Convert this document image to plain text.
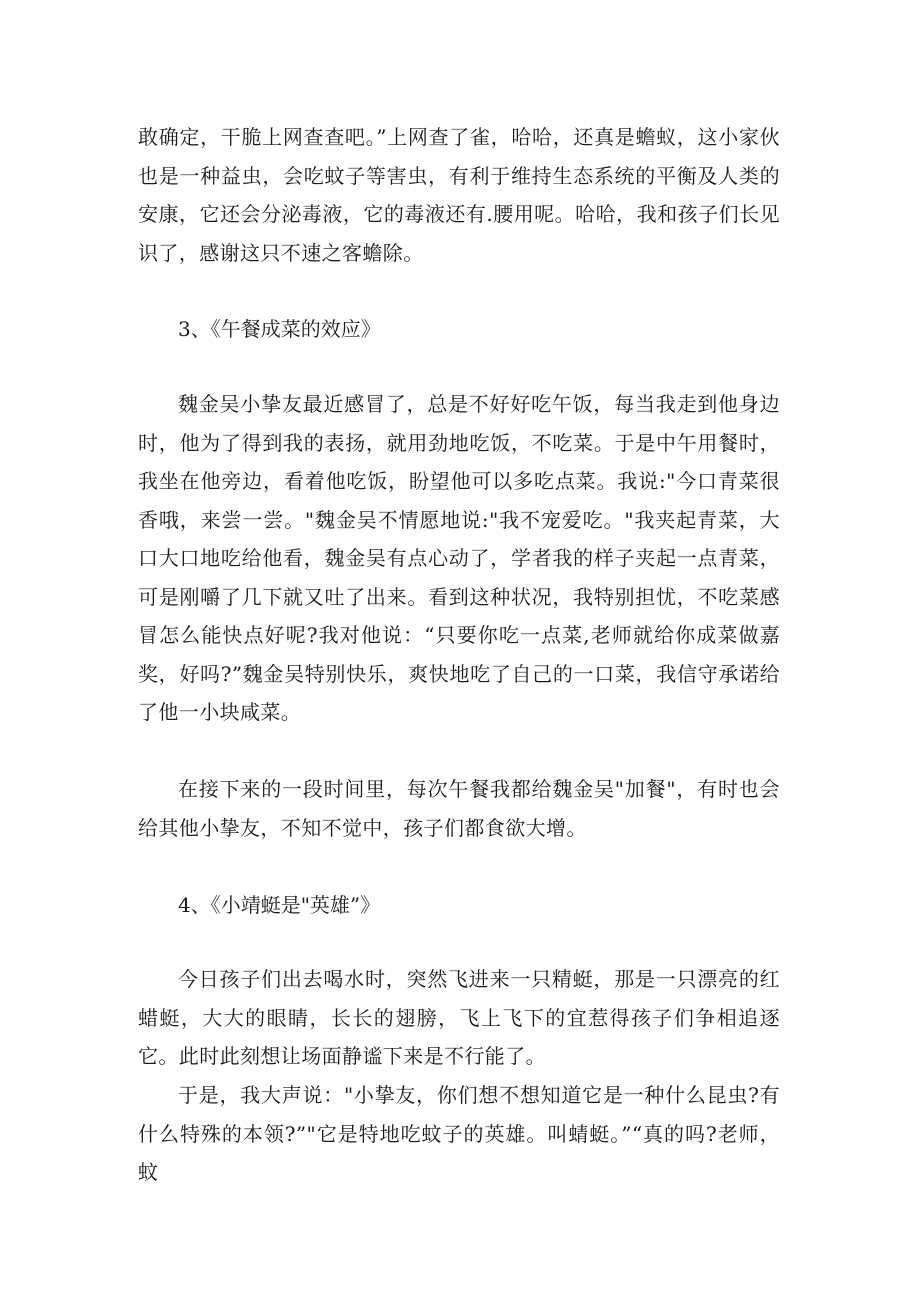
敢确定，干脆上网查查吧。”上网查了雀，哈哈，还真是蟾蚁，这小家伙也是一种益虫，会吃蚊子等害虫，有利于维持生态系统的平衡及人类的安康，它还会分泌毒液，它的毒液还有.腰用呢。哈哈，我和孩子们长见识了，感谢这只不速之客蟾除。

3、《午餐成菜的效应》

魏金吴小挚友最近感冒了，总是不好好吃午饭，每当我走到他身边时，他为了得到我的表扬，就用劲地吃饭，不吃菜。于是中午用餐时，我坐在他旁边，看着他吃饭，盼望他可以多吃点菜。我说:"今口青菜很香哦，来尝一尝。"魏金吴不情愿地说:"我不宠爱吃。"我夹起青菜，大口大口地吃给他看，魏金吴有点心动了，学者我的样子夹起一点青菜，可是刚嚼了几下就又吐了出来。看到这种状况，我特别担忧，不吃菜感冒怎么能快点好呢?我对他说：“只要你吃一点菜,老师就给你成菜做嘉奖，好吗?”魏金吴特别快乐，爽快地吃了自己的一口菜，我信守承诺给了他一小块咸菜。

在接下来的一段时间里，每次午餐我都给魏金吴"加餐"，有时也会给其他小挚友，不知不觉中，孩子们都食欲大增。

4、《小靖蜓是"英雄”》

今日孩子们出去喝水时，突然飞进来一只精蜓，那是一只漂亮的红蜡蜓，大大的眼睛，长长的翅膀，飞上飞下的宜惹得孩子们争相追逐它。此时此刻想让场面静谧下来是不行能了。

于是，我大声说："小挚友，你们想不想知道它是一种什么昆虫?有什么特殊的本领?”"它是特地吃蚊子的英雄。叫蜻蜓。”“真的吗?老师，蚊
